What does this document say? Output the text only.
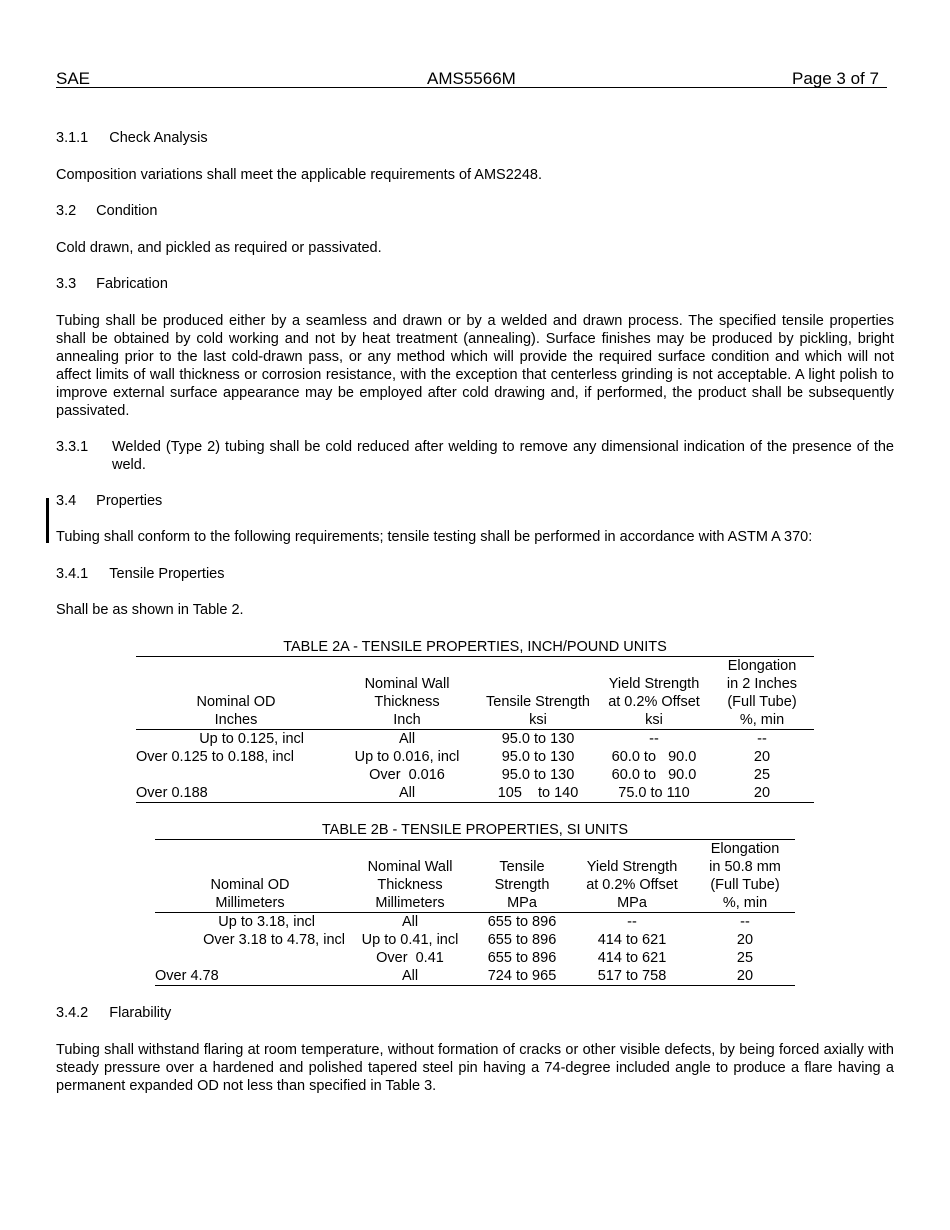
SAE	AMS5566M	Page 3 of 7
3.1.1 Check Analysis
Composition variations shall meet the applicable requirements of AMS2248.
3.2 Condition
Cold drawn, and pickled as required or passivated.
3.3 Fabrication
Tubing shall be produced either by a seamless and drawn or by a welded and drawn process. The specified tensile properties shall be obtained by cold working and not by heat treatment (annealing). Surface finishes may be produced by pickling, bright annealing prior to the last cold-drawn pass, or any method which will provide the required surface condition and which will not affect limits of wall thickness or corrosion resistance, with the exception that centerless grinding is not acceptable. A light polish to improve external surface appearance may be employed after cold drawing and, if performed, the product shall be subsequently passivated.
3.3.1 Welded (Type 2) tubing shall be cold reduced after welding to remove any dimensional indication of the presence of the weld.
3.4 Properties
Tubing shall conform to the following requirements; tensile testing shall be performed in accordance with ASTM A 370:
3.4.1 Tensile Properties
Shall be as shown in Table 2.
TABLE 2A - TENSILE PROPERTIES, INCH/POUND UNITS
				Elongation
	Nominal Wall		Yield Strength	in 2 Inches
Nominal OD	Thickness	Tensile Strength	at 0.2% Offset	(Full Tube)
Inches	Inch	ksi	ksi	%, min
Up to 0.125, incl	All	95.0 to 130	--	--
Over 0.125 to 0.188, incl	Up to 0.016, incl	95.0 to 130	60.0 to   90.0	20
	Over  0.016	95.0 to 130	60.0 to   90.0	25
Over 0.188	All	105    to 140	75.0 to 110	20
TABLE 2B - TENSILE PROPERTIES, SI UNITS
				Elongation
	Nominal Wall	Tensile	Yield Strength	in 50.8 mm
Nominal OD	Thickness	Strength	at 0.2% Offset	(Full Tube)
Millimeters	Millimeters	MPa	MPa	%, min
Up to 3.18, incl	All	655 to 896	--	--
Over 3.18 to 4.78, incl	Up to 0.41, incl	655 to 896	414 to 621	20
	Over  0.41	655 to 896	414 to 621	25
Over 4.78	All	724 to 965	517 to 758	20
3.4.2 Flarability
Tubing shall withstand flaring at room temperature, without formation of cracks or other visible defects, by being forced axially with steady pressure over a hardened and polished tapered steel pin having a 74-degree included angle to produce a flare having a permanent expanded OD not less than specified in Table 3.
